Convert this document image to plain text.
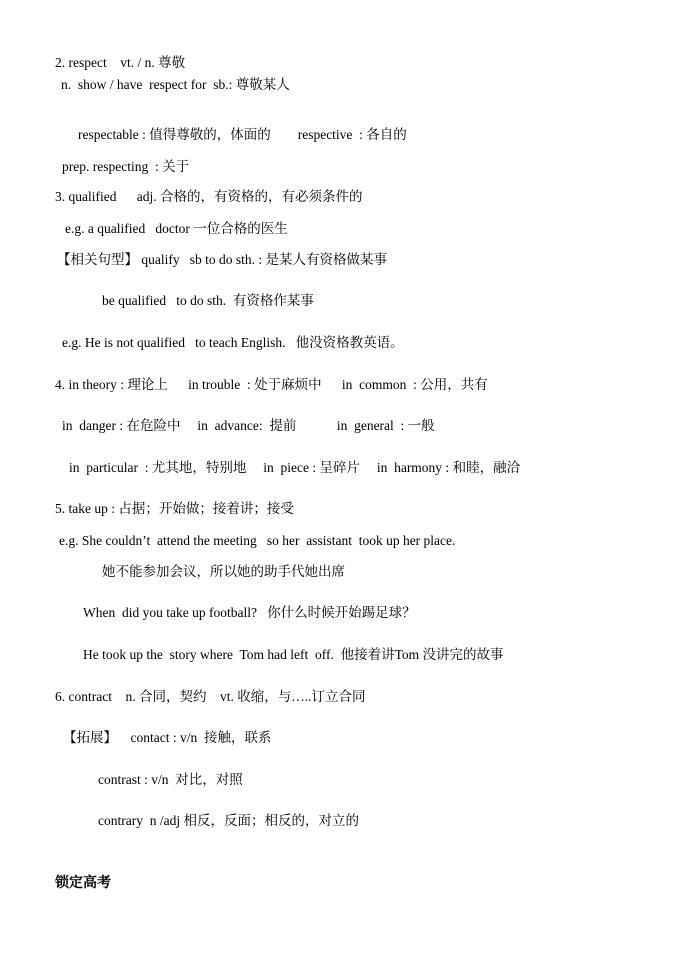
2. respect    vt. / n. 尊敬
n.  show / have  respect for  sb.: 尊敬某人
respectable : 值得尊敬的，体面的        respective  : 各自的
prep. respecting  : 关于
3. qualified      adj. 合格的，有资格的，有必须条件的
e.g. a qualified   doctor 一位合格的医生
【相关句型】 qualify   sb to do sth. : 是某人有资格做某事
be qualified   to do sth.  有资格作某事
e.g. He is not qualified   to teach English.   他没资格教英语。
4. in theory : 理论上      in trouble  : 处于麻烦中      in  common  : 公用，共有
in  danger : 在危险中     in  advance:  提前            in  general  : 一般
in  particular  : 尤其地，特别地     in  piece : 呈碎片     in  harmony : 和睦，融洽
5. take up : 占据；开始做；接着讲；接受
e.g. She couldn’t  attend the meeting   so her  assistant  took up her place.
她不能参加会议，所以她的助手代她出席
When  did you take up football?   你什么时候开始踢足球？
He took up the  story where  Tom had left  off.  他接着讲Tom 没讲完的故事
6. contract    n. 合同，契约    vt. 收缩，与…..订立合同
【拓展】    contact : v/n  接触，联系
contrast : v/n  对比，对照
contrary  n /adj 相反，反面；相反的，对立的
锁定高考
